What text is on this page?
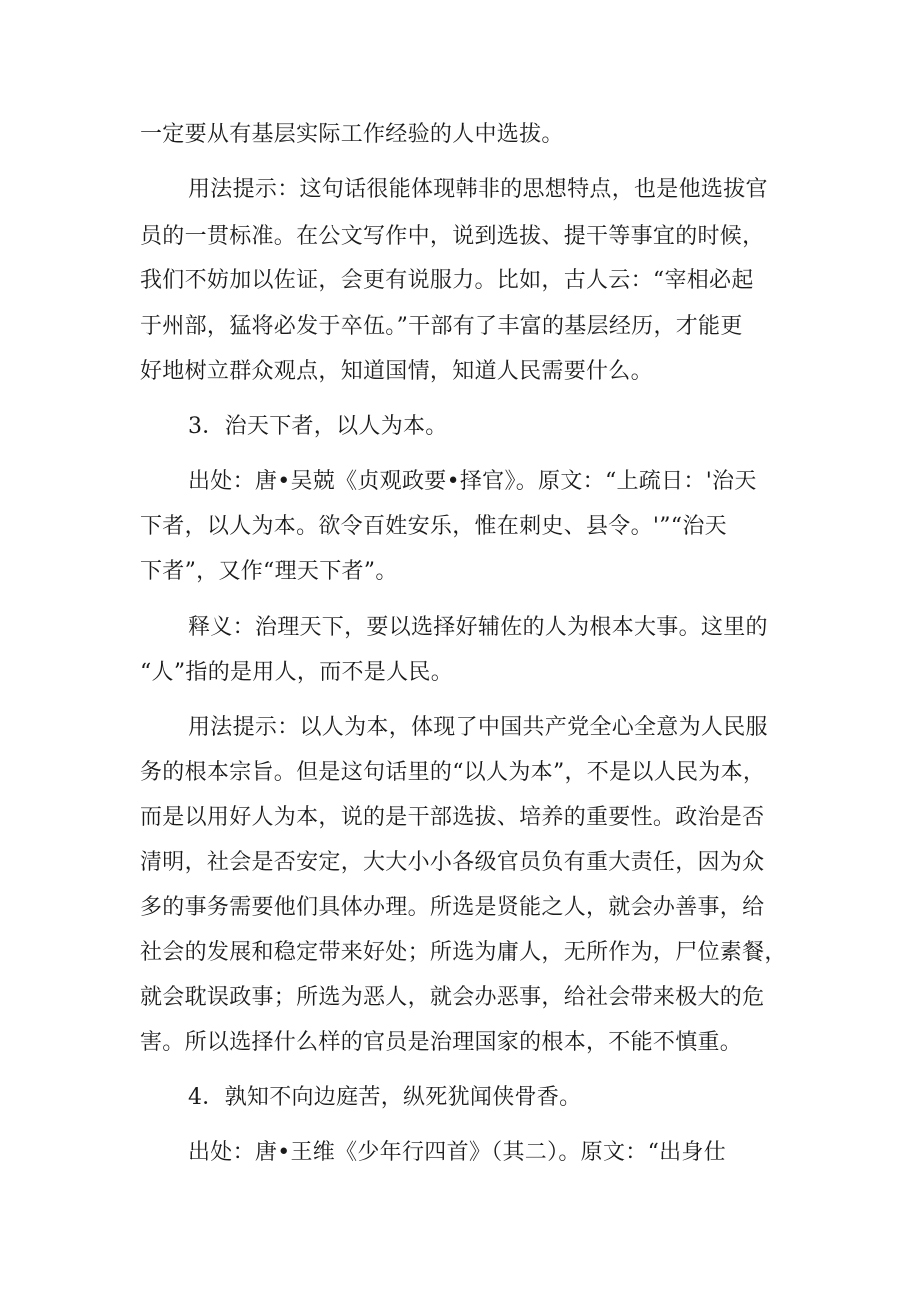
一定要从有基层实际工作经验的人中选拔。
用法提示：这句话很能体现韩非的思想特点，也是他选拔官
员的一贯标准。在公文写作中，说到选拔、提干等事宜的时候，
我们不妨加以佐证，会更有说服力。比如，古人云：“宰相必起
于州部，猛将必发于卒伍。”干部有了丰富的基层经历，才能更
好地树立群众观点，知道国情，知道人民需要什么。
3．治天下者，以人为本。
出处：唐•吴兢《贞观政要•择官》。原文：“上疏日：'治天
下者，以人为本。欲令百姓安乐，惟在刺史、县令。'”“治天
下者”，又作“理天下者”。
释义：治理天下，要以选择好辅佐的人为根本大事。这里的
“人”指的是用人，而不是人民。
用法提示：以人为本，体现了中国共产党全心全意为人民服
务的根本宗旨。但是这句话里的“以人为本”，不是以人民为本，
而是以用好人为本，说的是干部选拔、培养的重要性。政治是否
清明，社会是否安定，大大小小各级官员负有重大责任，因为众
多的事务需要他们具体办理。所选是贤能之人，就会办善事，给
社会的发展和稳定带来好处；所选为庸人，无所作为，尸位素餐，
就会耽误政事；所选为恶人，就会办恶事，给社会带来极大的危
害。所以选择什么样的官员是治理国家的根本，不能不慎重。
4．孰知不向边庭苦，纵死犹闻侠骨香。
出处：唐•王维《少年行四首》（其二）。原文：“出身仕
